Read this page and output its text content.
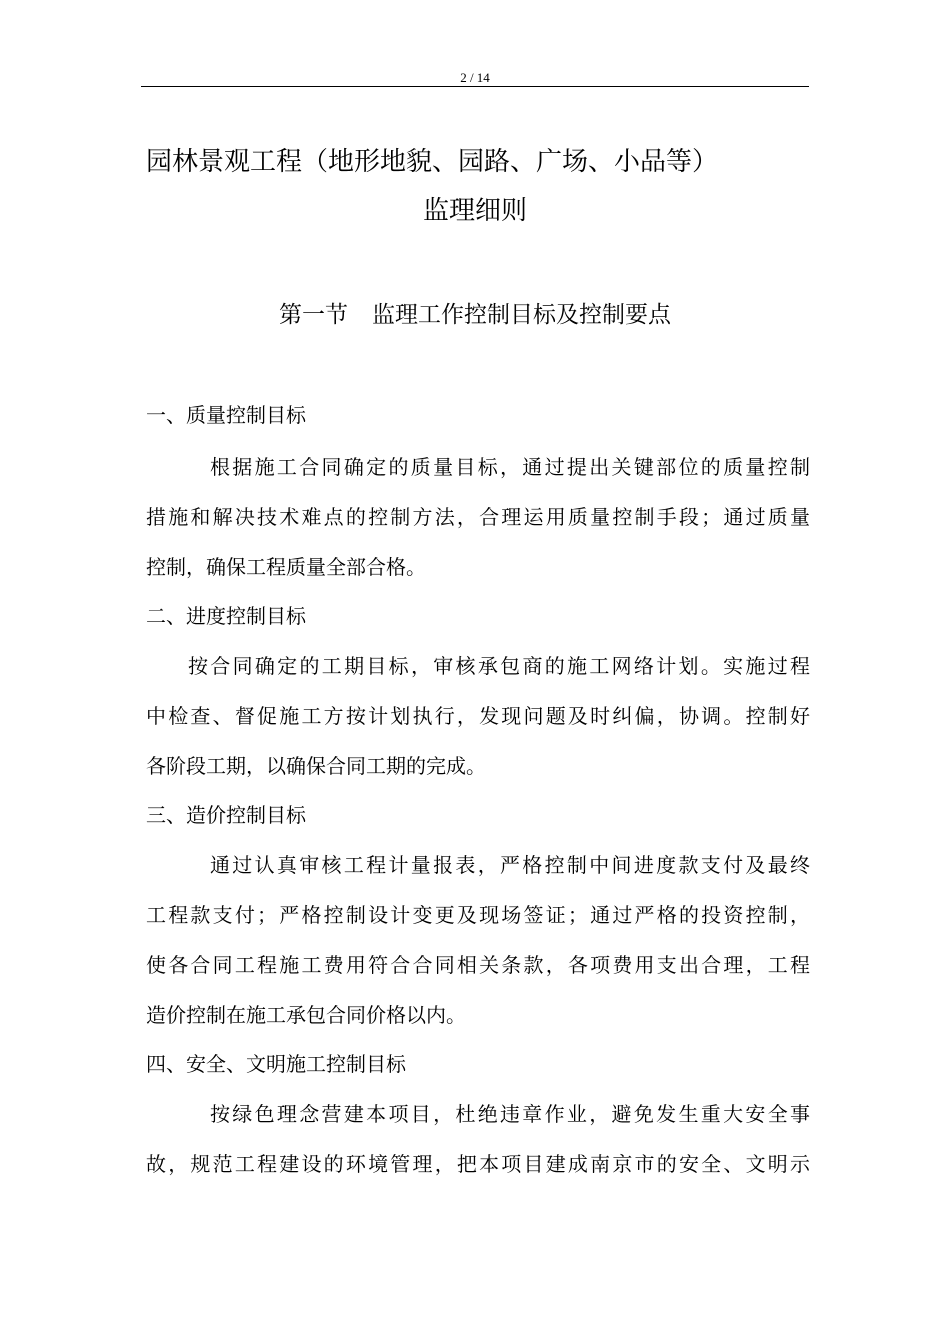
2 / 14
园林景观工程（地形地貌、园路、广场、小品等）
监理细则
第一节 监理工作控制目标及控制要点
一、质量控制目标
根据施工合同确定的质量目标，通过提出关键部位的质量控制
措施和解决技术难点的控制方法，合理运用质量控制手段；通过质量
控制，确保工程质量全部合格。
二、进度控制目标
按合同确定的工期目标，审核承包商的施工网络计划。实施过程
中检查、督促施工方按计划执行，发现问题及时纠偏，协调。控制好
各阶段工期，以确保合同工期的完成。
三、造价控制目标
通过认真审核工程计量报表，严格控制中间进度款支付及最终
工程款支付；严格控制设计变更及现场签证；通过严格的投资控制，
使各合同工程施工费用符合合同相关条款，各项费用支出合理，工程
造价控制在施工承包合同价格以内。
四、安全、文明施工控制目标
按绿色理念营建本项目，杜绝违章作业，避免发生重大安全事
故，规范工程建设的环境管理，把本项目建成南京市的安全、文明示
